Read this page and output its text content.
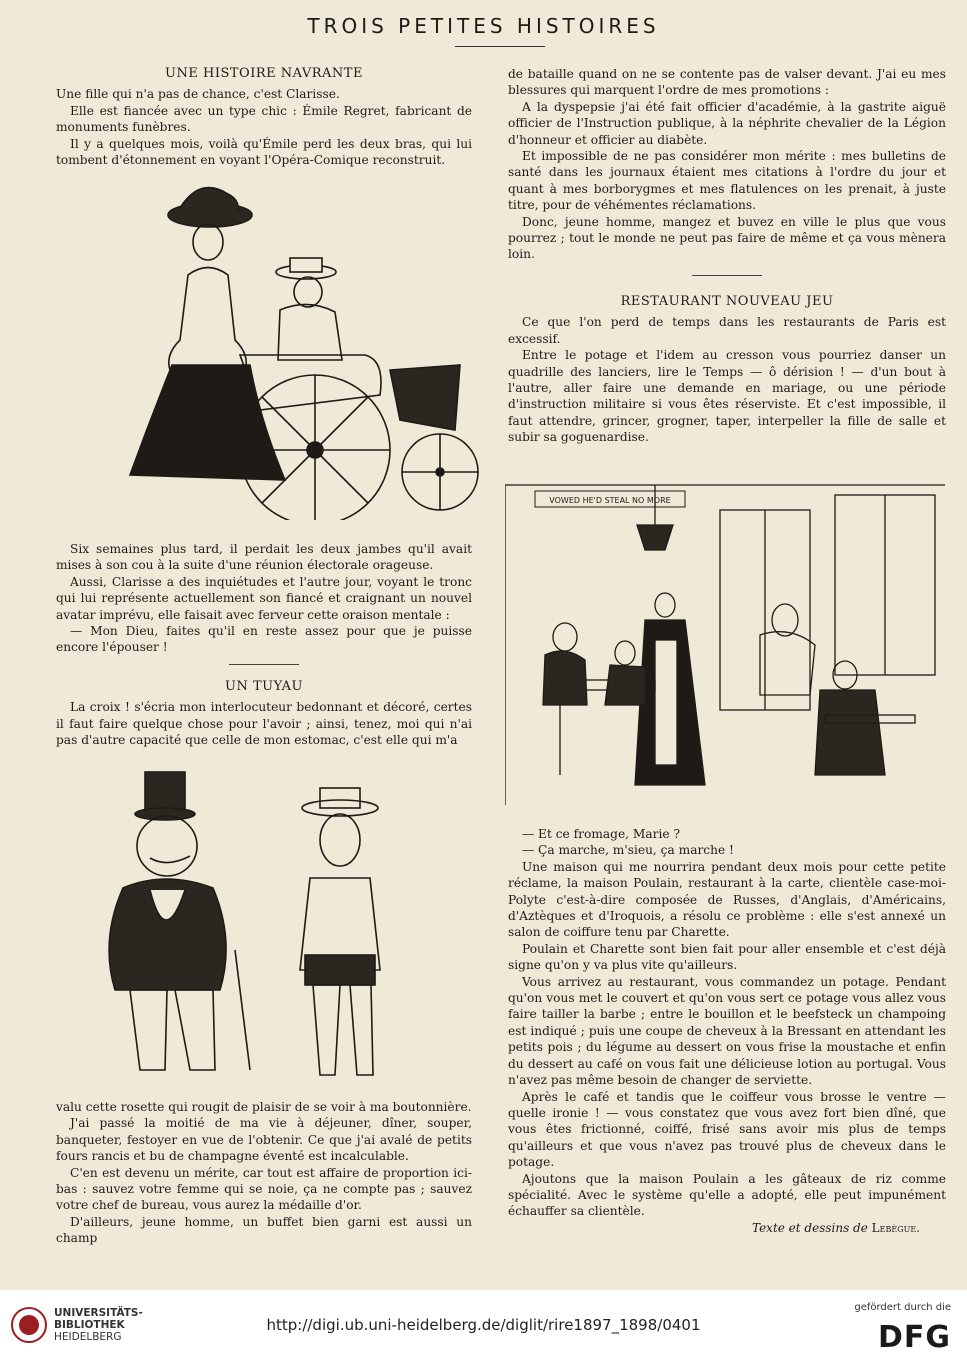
TROIS PETITES HISTOIRES
UNE HISTOIRE NAVRANTE

Une fille qui n'a pas de chance, c'est Clarisse.

Elle est fiancée avec un type chic : Émile Regret, fabricant de monuments funèbres.

Il y a quelques mois, voilà qu'Émile perd les deux bras, qui lui tombent d'étonnement en voyant l'Opéra-Comique reconstruit.

Six semaines plus tard, il perdait les deux jambes qu'il avait mises à son cou à la suite d'une réunion électorale orageuse.

Aussi, Clarisse a des inquiétudes et l'autre jour, voyant le tronc qui lui représente actuellement son fiancé et craignant un nouvel avatar imprévu, elle faisait avec ferveur cette oraison mentale :

— Mon Dieu, faites qu'il en reste assez pour que je puisse encore l'épouser !

UN TUYAU

La croix ! s'écria mon interlocuteur bedonnant et décoré, certes il faut faire quelque chose pour l'avoir ; ainsi, tenez, moi qui n'ai pas d'autre capacité que celle de mon estomac, c'est elle qui m'a

valu cette rosette qui rougit de plaisir de se voir à ma boutonnière.

J'ai passé la moitié de ma vie à déjeuner, dîner, souper, banqueter, festoyer en vue de l'obtenir. Ce que j'ai avalé de petits fours rancis et bu de champagne éventé est incalculable.

C'en est devenu un mérite, car tout est affaire de proportion ici-bas : sauvez votre femme qui se noie, ça ne compte pas ; sauvez votre chef de bureau, vous aurez la médaille d'or.

D'ailleurs, jeune homme, un buffet bien garni est aussi un champ

de bataille quand on ne se contente pas de valser devant. J'ai eu mes blessures qui marquent l'ordre de mes promotions :

A la dyspepsie j'ai été fait officier d'académie, à la gastrite aiguë officier de l'Instruction publique, à la néphrite chevalier de la Légion d'honneur et officier au diabète.

Et impossible de ne pas considérer mon mérite : mes bulletins de santé dans les journaux étaient mes citations à l'ordre du jour et quant à mes borborygmes et mes flatulences on les prenait, à juste titre, pour de véhémentes réclamations.

Donc, jeune homme, mangez et buvez en ville le plus que vous pourrez ; tout le monde ne peut pas faire de même et ça vous mènera loin.

RESTAURANT NOUVEAU JEU

Ce que l'on perd de temps dans les restaurants de Paris est excessif.

Entre le potage et l'idem au cresson vous pourriez danser un quadrille des lanciers, lire le Temps — ô dérision ! — d'un bout à l'autre, aller faire une demande en mariage, ou une période d'instruction militaire si vous êtes réserviste. Et c'est impossible, il faut attendre, grincer, grogner, taper, interpeller la fille de salle et subir sa goguenardise.

VOWED HE'D STEAL NO MORE

— Et ce fromage, Marie ?

— Ça marche, m'sieu, ça marche !

Une maison qui me nourrira pendant deux mois pour cette petite réclame, la maison Poulain, restaurant à la carte, clientèle case-moi-Polyte c'est-à-dire composée de Russes, d'Anglais, d'Américains, d'Aztèques et d'Iroquois, a résolu ce problème : elle s'est annexé un salon de coiffure tenu par Charette.

Poulain et Charette sont bien fait pour aller ensemble et c'est déjà signe qu'on y va plus vite qu'ailleurs.

Vous arrivez au restaurant, vous commandez un potage. Pendant qu'on vous met le couvert et qu'on vous sert ce potage vous allez vous faire tailler la barbe ; entre le bouillon et le beefsteck un champoing est indiqué ; puis une coupe de cheveux à la Bressant en attendant les petits pois ; du légume au dessert on vous frise la moustache et enfin du dessert au café on vous fait une délicieuse lotion au portugal. Vous n'avez pas même besoin de changer de serviette.

Après le café et tandis que le coiffeur vous brosse le ventre — quelle ironie ! — vous constatez que vous avez fort bien dîné, que vous êtes frictionné, coiffé, frisé sans avoir mis plus de temps qu'ailleurs et que vous n'avez pas trouvé plus de cheveux dans le potage.

Ajoutons que la maison Poulain a les gâteaux de riz comme spécialité. Avec le système qu'elle a adopté, elle peut impunément échauffer sa clientèle.

Texte et dessins de Lebègue.
UNIVERSITÄTS-
BIBLIOTHEK
HEIDELBERG
http://digi.ub.uni-heidelberg.de/diglit/rire1897_1898/0401
gefördert durch die
DFG
